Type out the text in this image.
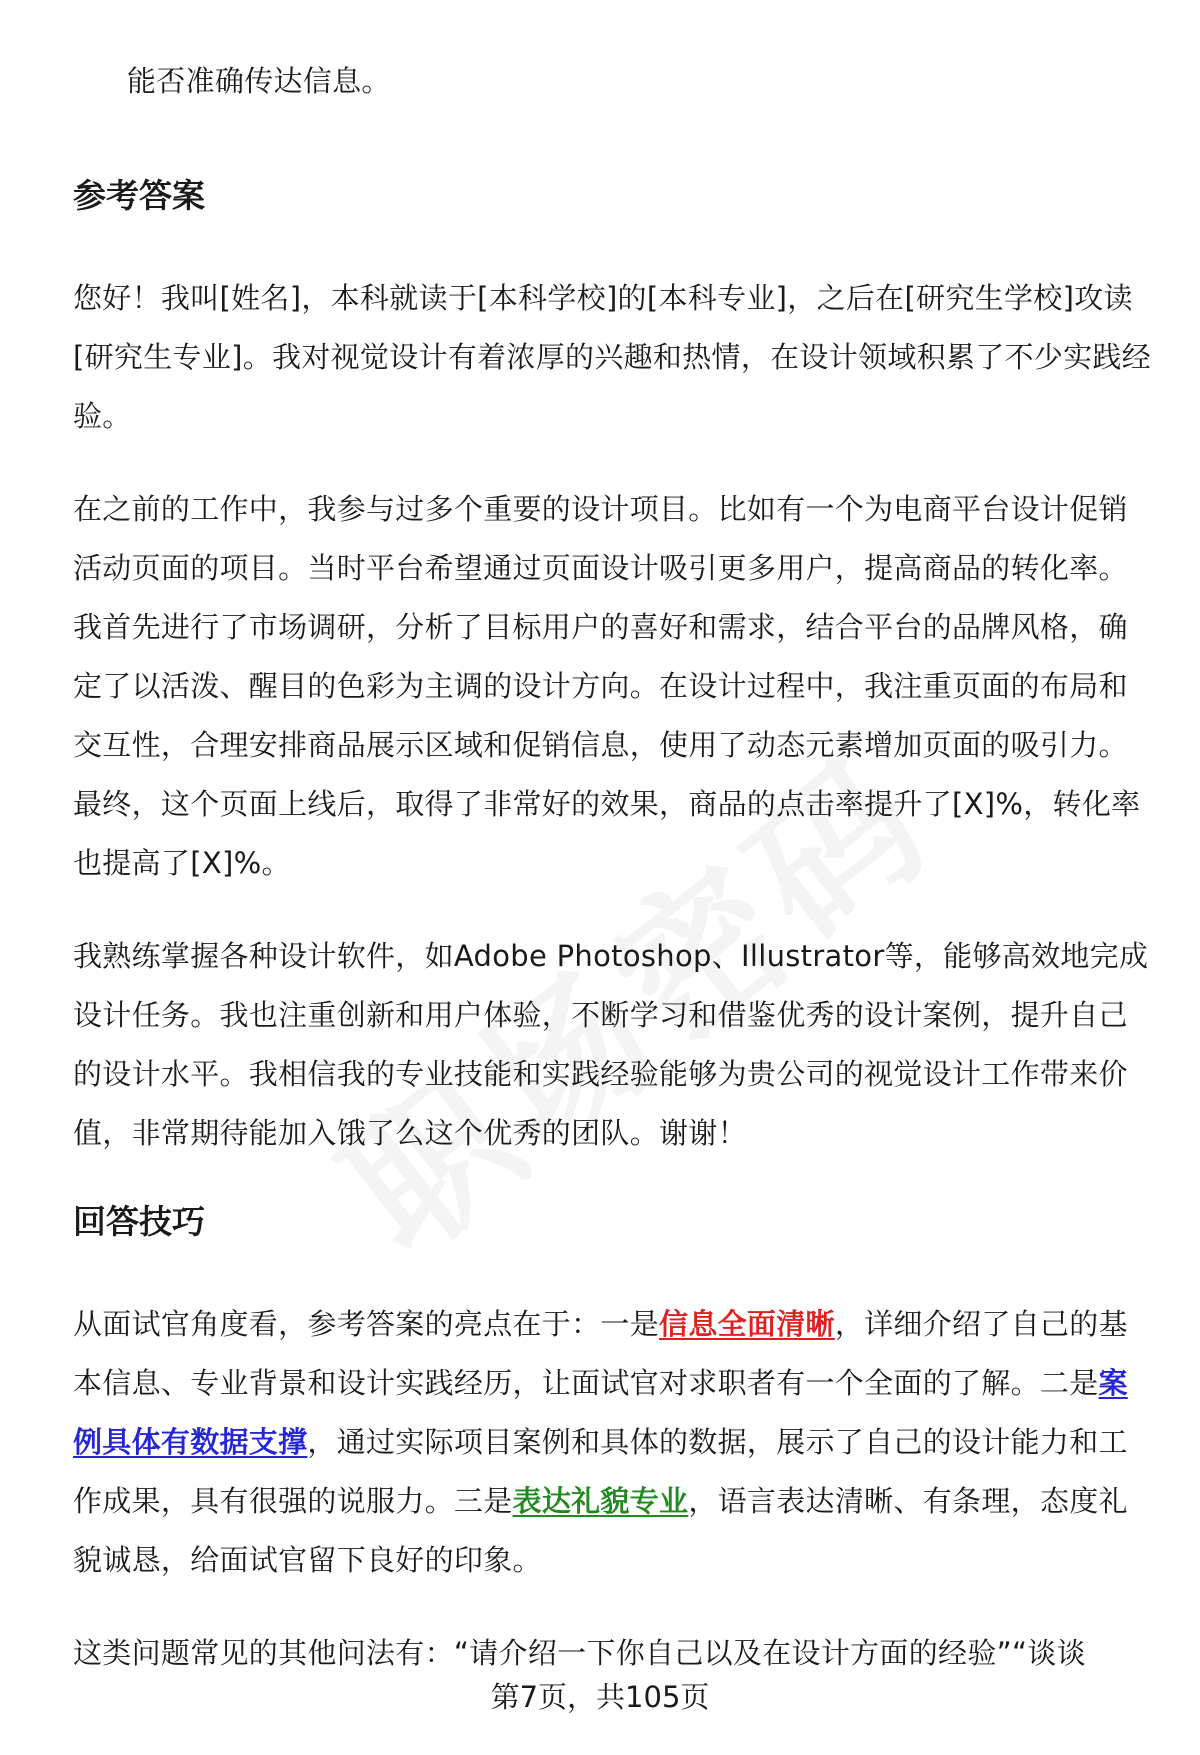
能否准确传达信息。

参考答案

您好！我叫[姓名]，本科就读于[本科学校]的[本科专业]，之后在[研究生学校]攻读[研究生专业]。我对视觉设计有着浓厚的兴趣和热情，在设计领域积累了不少实践经验。

在之前的工作中，我参与过多个重要的设计项目。比如有一个为电商平台设计促销活动页面的项目。当时平台希望通过页面设计吸引更多用户，提高商品的转化率。我首先进行了市场调研，分析了目标用户的喜好和需求，结合平台的品牌风格，确定了以活泼、醒目的色彩为主调的设计方向。在设计过程中，我注重页面的布局和交互性，合理安排商品展示区域和促销信息，使用了动态元素增加页面的吸引力。最终，这个页面上线后，取得了非常好的效果，商品的点击率提升了[X]%，转化率也提高了[X]%。

我熟练掌握各种设计软件，如Adobe Photoshop、Illustrator等，能够高效地完成设计任务。我也注重创新和用户体验，不断学习和借鉴优秀的设计案例，提升自己的设计水平。我相信我的专业技能和实践经验能够为贵公司的视觉设计工作带来价值，非常期待能加入饿了么这个优秀的团队。谢谢！

回答技巧

从面试官角度看，参考答案的亮点在于：一是信息全面清晰，详细介绍了自己的基本信息、专业背景和设计实践经历，让面试官对求职者有一个全面的了解。二是案例具体有数据支撑，通过实际项目案例和具体的数据，展示了自己的设计能力和工作成果，具有很强的说服力。三是表达礼貌专业，语言表达清晰、有条理，态度礼貌诚恳，给面试官留下良好的印象。

这类问题常见的其他问法有：“请介绍一下你自己以及在设计方面的经验”“谈谈

第7页，共105页
